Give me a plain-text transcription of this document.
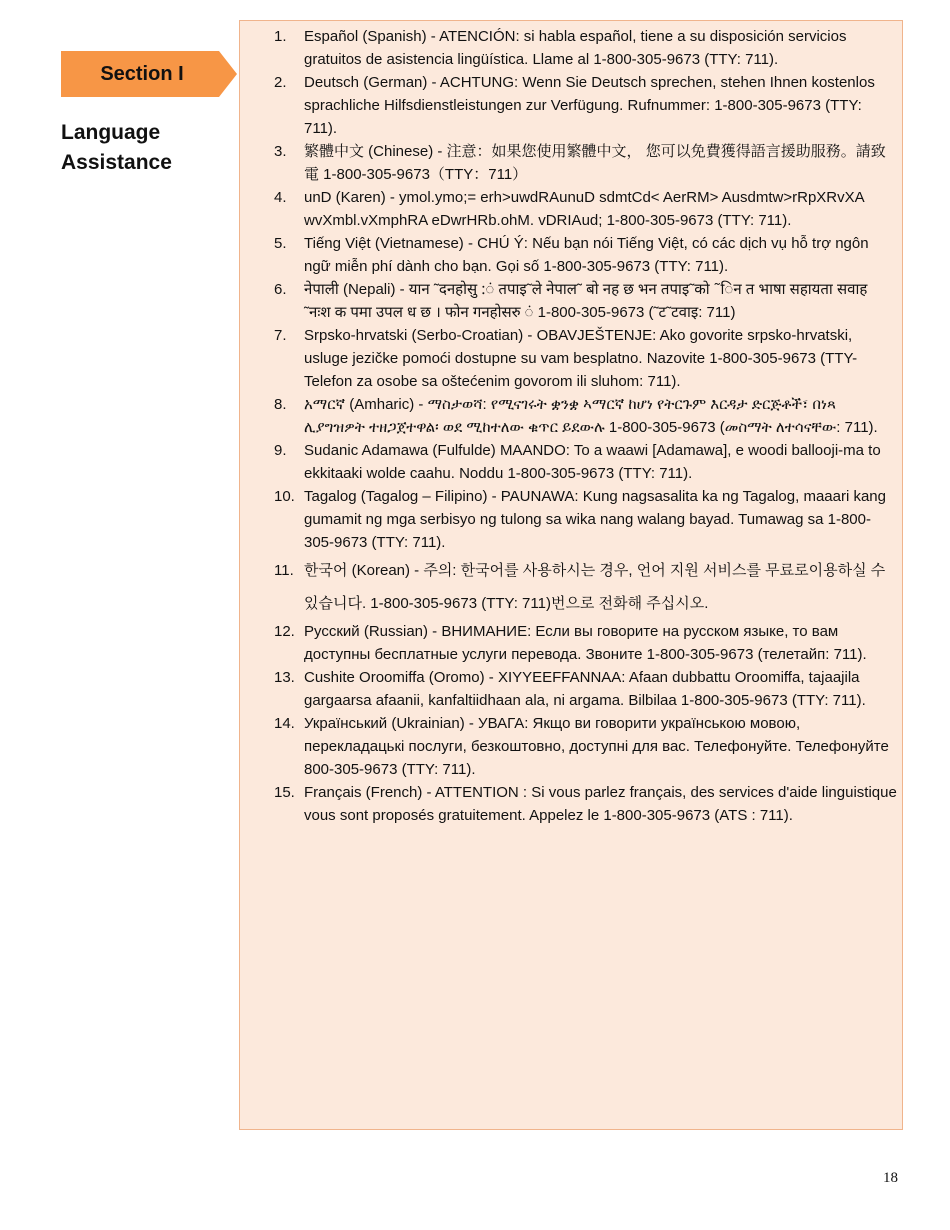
Section I
Language Assistance
1.	Español (Spanish) - ATENCIÓN: si habla español, tiene a su disposición servicios gratuitos de asistencia lingüística. Llame al 1-800-305-9673 (TTY: 711).
2.	Deutsch (German) - ACHTUNG: Wenn Sie Deutsch sprechen, stehen Ihnen kostenlos sprachliche Hilfsdienstleistungen zur Verfügung. Rufnummer: 1-800-305-9673 (TTY: 711).
3.	繁體中文 (Chinese) - 注意：如果您使用繁體中文， 您可以免費獲得語言援助服務。請致電 1-800-305-9673（TTY：711）
4.	unD (Karen) - ymol.ymo;= erh>uwdRAunuD sdmtCd< AerRM> Ausdmtw>rRpXRvXA wvXmbl.vXmphRA eDwrHRb.ohM. vDRIAud; 1-800-305-9673 (TTY: 711).
5.	Tiếng Việt (Vietnamese) - CHÚ Ý: Nếu bạn nói Tiếng Việt, có các dịch vụ hỗ trợ ngôn ngữ miễn phí dành cho bạn. Gọi số 1-800-305-9673 (TTY: 711).
6.	नेपाली (Nepali) - यान ˜दनहोसु :ं तपाइ˜ले नेपाल˜ बो नह छ भन तपाइ˜को ˜िन त भाषा सहायता सवाह ˜नःश क पमा उपल ध छ । फोन गनहोसरु ं 1-800-305-9673 (˜ट˜टवाइ: 711)
7.	Srpsko-hrvatski (Serbo-Croatian) - OBAVJEŠTENJE: Ako govorite srpsko-hrvatski, usluge jezičke pomoći dostupne su vam besplatno. Nazovite 1-800-305-9673 (TTY- Telefon za osobe sa oštećenim govorom ili sluhom: 711).
8.	አማርኛ (Amharic) - ማስታወሻ: የሚናገሩት ቋንቋ ኣማርኛ ከሆነ የትርጉም እርዳታ ድርጅቶች፣ በነጻ ሊያግዝዎት ተዘጋጀተዋል፡ ወደ ሚከተለው ቁጥር ይደውሉ 1-800-305-9673 (መስማት ለተሳናቸው: 711).
9.	Sudanic Adamawa (Fulfulde) MAANDO: To a waawi [Adamawa], e woodi ballooji-ma to ekkitaaki wolde caahu. Noddu 1-800-305-9673 (TTY: 711).
10. Tagalog (Tagalog – Filipino) - PAUNAWA: Kung nagsasalita ka ng Tagalog, maaari kang gumamit ng mga serbisyo ng tulong sa wika nang walang bayad. Tumawag sa 1-800-305-9673 (TTY: 711).
11. 한국어 (Korean) - 주의: 한국어를 사용하시는 경우, 언어 지원 서비스를 무료로이용하실 수있습니다. 1-800-305-9673 (TTY: 711)번으로 전화해 주십시오.
12. Русский (Russian) - ВНИМАНИЕ: Если вы говорите на русском языке, то вам доступны бесплатные услуги перевода. Звоните 1-800-305-9673 (телетайп: 711).
13. Cushite Oroomiffa (Oromo) - XIYYEEFFANNAA: Afaan dubbattu Oroomiffa, tajaajila gargaarsa afaanii, kanfaltiidhaan ala, ni argama. Bilbilaa 1-800-305-9673 (TTY: 711).
14. Український (Ukrainian) - УВАГА: Якщо ви говорити українською мовою, перекладацькі послуги, безкоштовно, доступні для вас. Телефонуйте. Телефонуйте 800-305-9673 (TTY: 711).
15. Français (French) - ATTENTION : Si vous parlez français, des services d'aide linguistique vous sont proposés gratuitement. Appelez le 1-800-305-9673 (ATS : 711).
18
